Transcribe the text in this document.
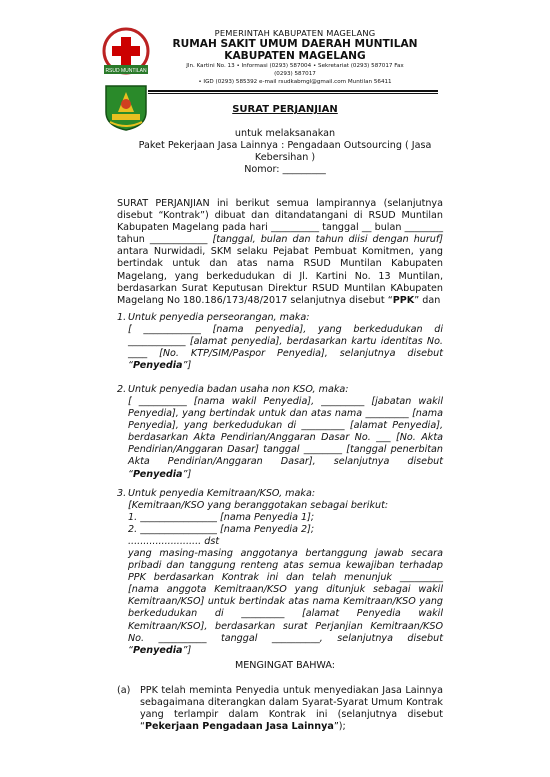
RSUD MUNTILAN
PEMERINTAH KABUPATEN MAGELANG
RUMAH SAKIT UMUM DAERAH MUNTILAN
KABUPATEN MAGELANG
Jln. Kartini No. 13 • Informasi (0293) 587004 • Sekretariat (0293) 587017 Fax
(0293) 587017
• IGD (0293) 585392 e-mail rsudkabmgl@gmail.com Muntilan 56411
SURAT PERJANJIAN
untuk melaksanakan
Paket Pekerjaan Jasa Lainnya : Pengadaan Outsourcing ( Jasa
Kebersihan )
Nomor: _________
SURAT PERJANJIAN ini berikut semua lampirannya (selanjutnya disebut “Kontrak”) dibuat dan ditandatangani di RSUD Muntilan Kabupaten Magelang pada hari __________ tanggal __ bulan ________ tahun ____________ [tanggal, bulan dan tahun diisi dengan huruf] antara Nurwidadi, SKM selaku Pejabat Pembuat Komitmen, yang bertindak untuk dan atas nama RSUD Muntilan Kabupaten Magelang, yang berkedudukan di Jl. Kartini No. 13 Muntilan, berdasarkan Surat Keputusan Direktur RSUD Muntilan KAbupaten Magelang No 180.186/173/48/2017 selanjutnya disebut “PPK” dan
1. Untuk penyedia perseorangan, maka:
[ ____________ [nama penyedia], yang berkedudukan di ____________ [alamat penyedia], berdasarkan kartu identitas No. ____ [No. KTP/SIM/Paspor Penyedia], selanjutnya disebut “Penyedia”]
2. Untuk penyedia badan usaha non KSO, maka:
[ __________ [nama wakil Penyedia], _________ [jabatan wakil Penyedia], yang bertindak untuk dan atas nama _________ [nama Penyedia], yang berkedudukan di _________ [alamat Penyedia], berdasarkan Akta Pendirian/Anggaran Dasar No. ___ [No. Akta Pendirian/Anggaran Dasar] tanggal ________ [tanggal penerbitan Akta Pendirian/Anggaran Dasar], selanjutnya disebut “Penyedia”]
3. Untuk penyedia Kemitraan/KSO, maka:
[Kemitraan/KSO yang beranggotakan sebagai berikut:
1. ________________ [nama Penyedia 1];
2. ________________ [nama Penyedia 2];
........................ dst
yang masing-masing anggotanya bertanggung jawab secara pribadi dan tanggung renteng atas semua kewajiban terhadap PPK berdasarkan Kontrak ini dan telah menunjuk _________ [nama anggota Kemitraan/KSO yang ditunjuk sebagai wakil Kemitraan/KSO] untuk bertindak atas nama Kemitraan/KSO yang berkedudukan di _________ [alamat Penyedia wakil Kemitraan/KSO], berdasarkan surat Perjanjian Kemitraan/KSO No. __________ tanggal __________, selanjutnya disebut “Penyedia”]
MENGINGAT BAHWA:
(a) PPK telah meminta Penyedia untuk menyediakan Jasa Lainnya sebagaimana diterangkan dalam Syarat-Syarat Umum Kontrak yang terlampir dalam Kontrak ini (selanjutnya disebut “Pekerjaan Pengadaan Jasa Lainnya”);
